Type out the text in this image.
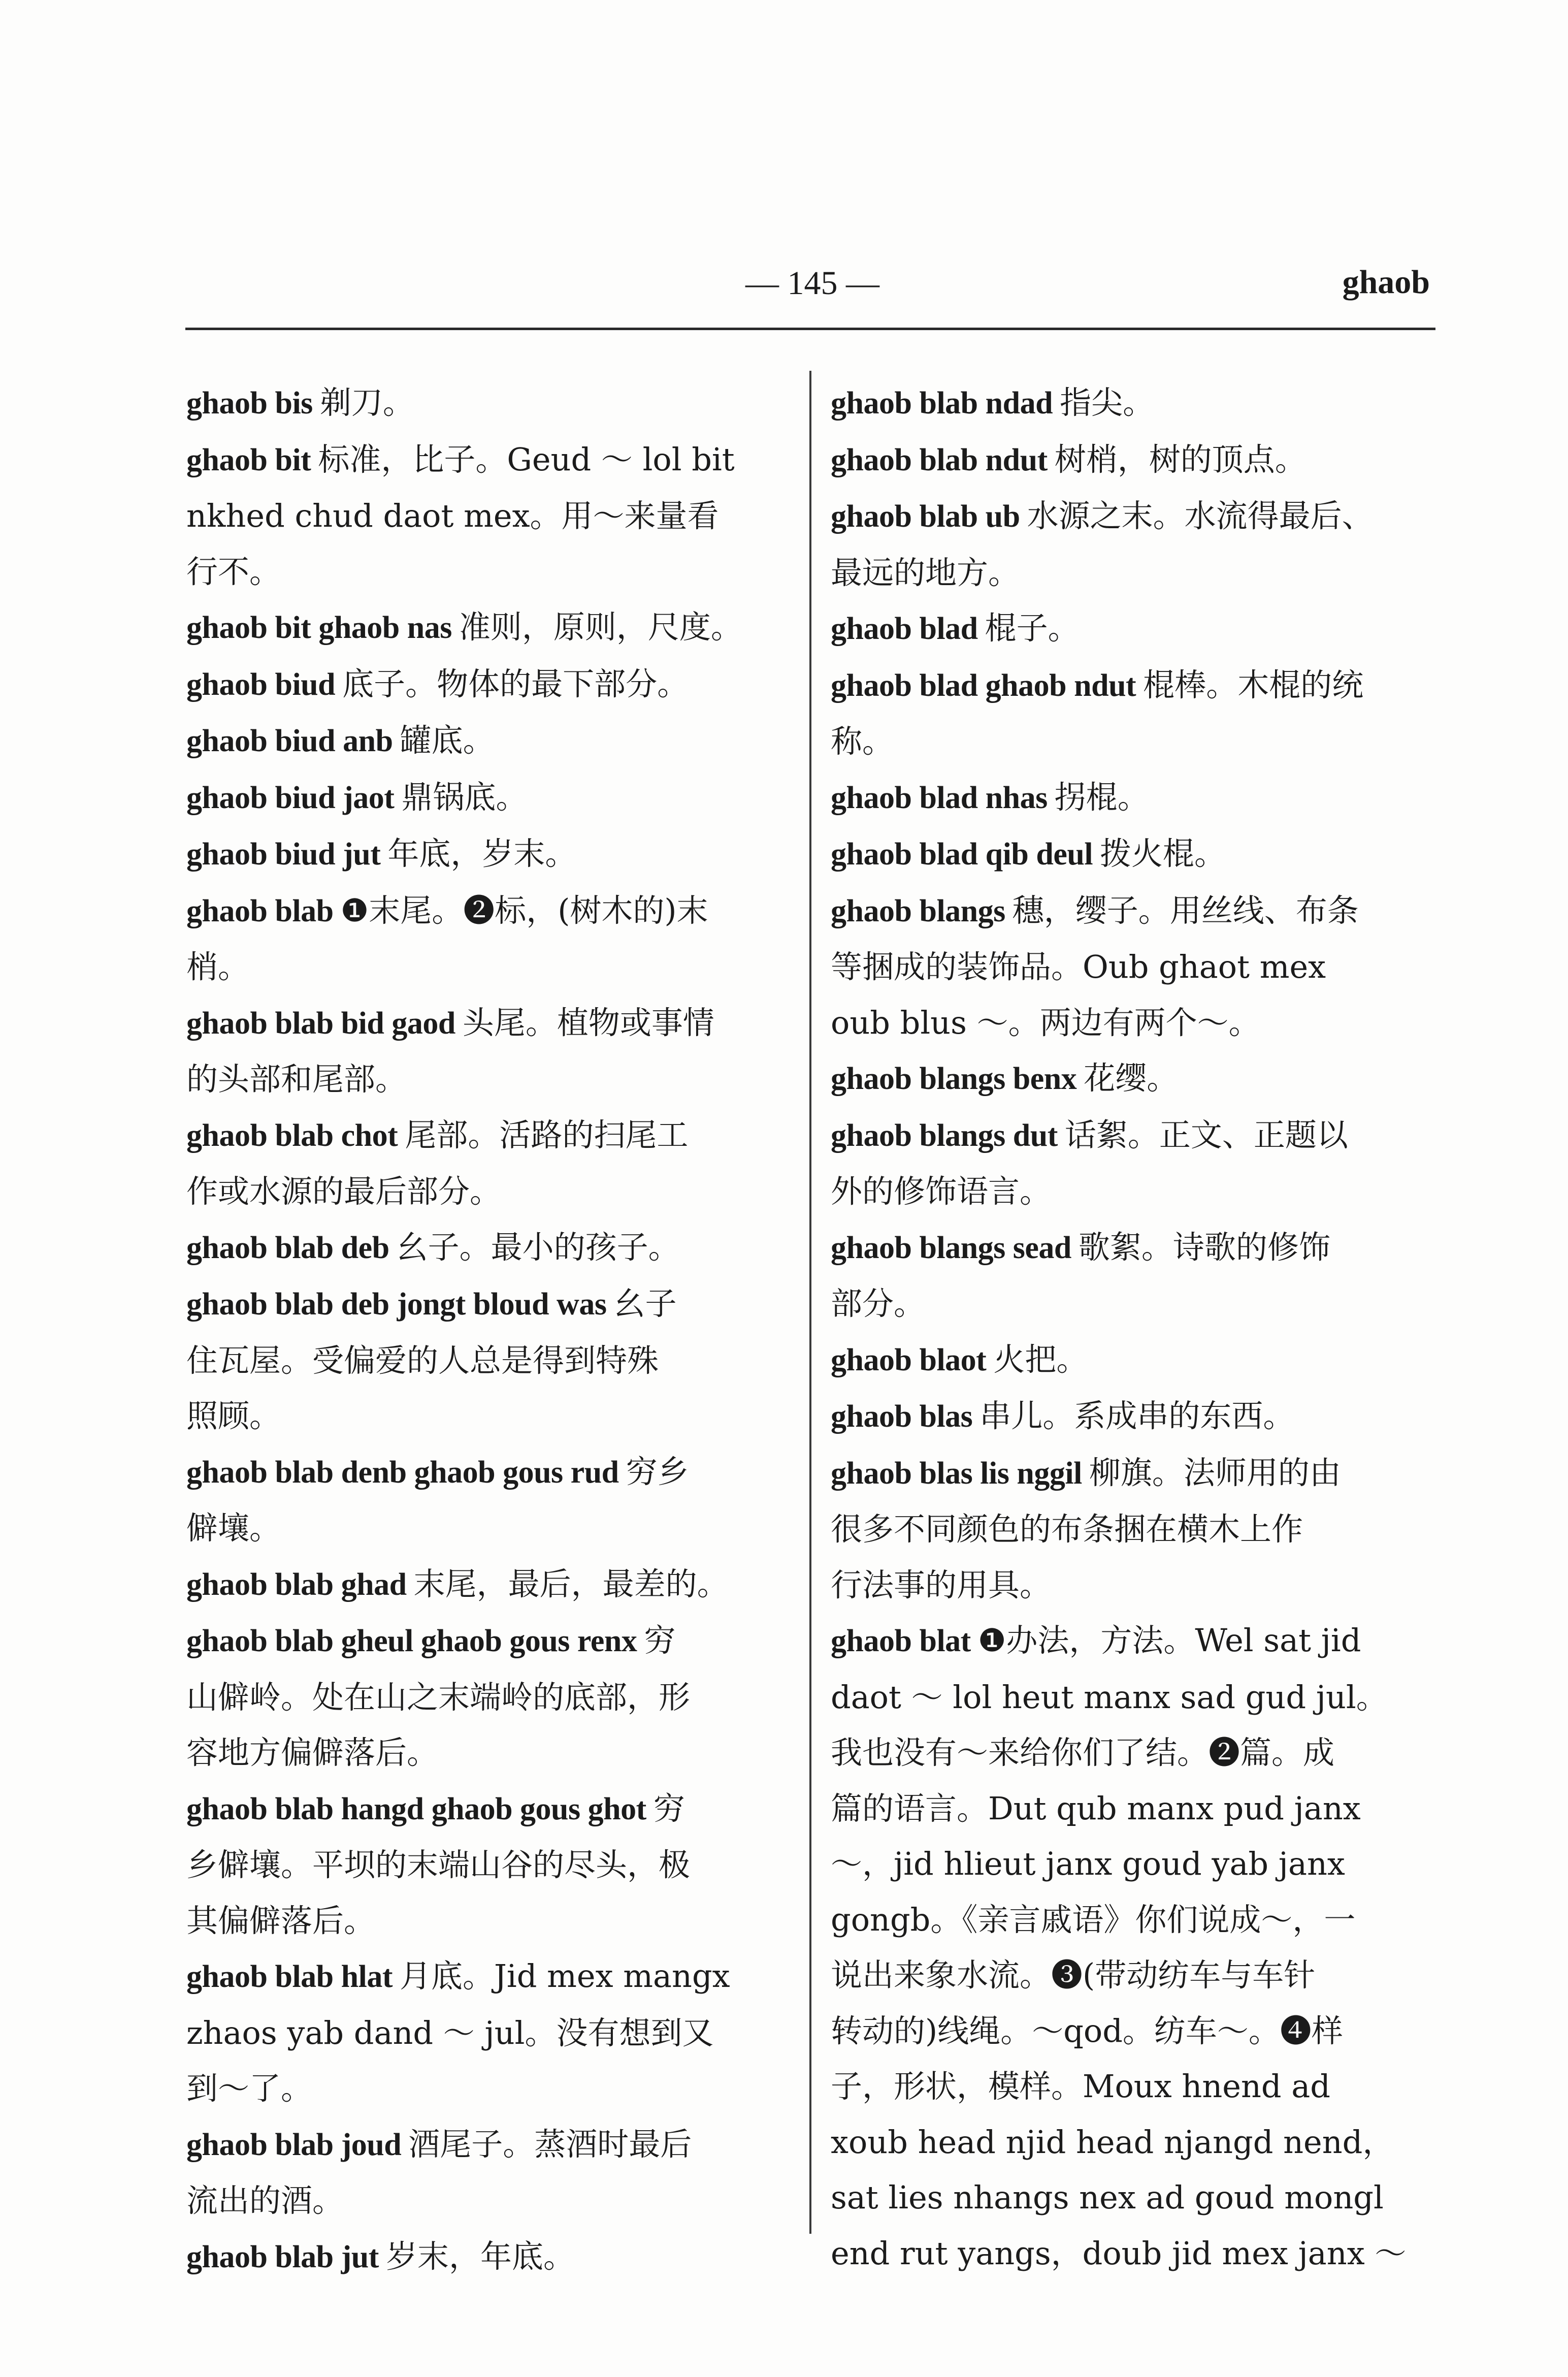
— 145 —	ghaob
ghaob bis 剃刀。
ghaob bit 标准，比子。Geud ～ lol bit
nkhed chud daot mex。用～来量看
行不。
ghaob bit ghaob nas 准则，原则，尺度。
ghaob biud 底子。物体的最下部分。
ghaob biud anb 罐底。
ghaob biud jaot 鼎锅底。
ghaob biud jut 年底，岁末。
ghaob blab ❶末尾。❷标，(树木的)末
梢。
ghaob blab bid gaod 头尾。植物或事情
的头部和尾部。
ghaob blab chot 尾部。活路的扫尾工
作或水源的最后部分。
ghaob blab deb 幺子。最小的孩子。
ghaob blab deb jongt bloud was 幺子
住瓦屋。受偏爱的人总是得到特殊
照顾。
ghaob blab denb ghaob gous rud 穷乡
僻壤。
ghaob blab ghad 末尾，最后，最差的。
ghaob blab gheul ghaob gous renx 穷
山僻岭。处在山之末端岭的底部，形
容地方偏僻落后。
ghaob blab hangd ghaob gous ghot 穷
乡僻壤。平坝的末端山谷的尽头，极
其偏僻落后。
ghaob blab hlat 月底。Jid mex mangx
zhaos yab dand ～ jul。没有想到又
到～了。
ghaob blab joud 酒尾子。蒸酒时最后
流出的酒。
ghaob blab jut 岁末，年底。
ghaob blab ndad 指尖。
ghaob blab ndut 树梢，树的顶点。
ghaob blab ub 水源之末。水流得最后、
最远的地方。
ghaob blad 棍子。
ghaob blad ghaob ndut 棍棒。木棍的统
称。
ghaob blad nhas 拐棍。
ghaob blad qib deul 拨火棍。
ghaob blangs 穗，缨子。用丝线、布条
等捆成的装饰品。Oub ghaot mex
oub blus ～。两边有两个～。
ghaob blangs benx 花缨。
ghaob blangs dut 话絮。正文、正题以
外的修饰语言。
ghaob blangs sead 歌絮。诗歌的修饰
部分。
ghaob blaot 火把。
ghaob blas 串儿。系成串的东西。
ghaob blas lis nggil 柳旗。法师用的由
很多不同颜色的布条捆在横木上作
行法事的用具。
ghaob blat ❶办法，方法。Wel sat jid
daot ～ lol heut manx sad gud jul。
我也没有～来给你们了结。❷篇。成
篇的语言。Dut qub manx pud janx
～，jid hlieut janx goud yab janx
gongb。《亲言戚语》你们说成～，一
说出来象水流。❸(带动纺车与车针
转动的)线绳。～qod。纺车～。❹样
子，形状，模样。Moux hnend ad
xoub head njid head njangd nend，
sat lies nhangs nex ad goud mongl
end rut yangs，doub jid mex janx ～
